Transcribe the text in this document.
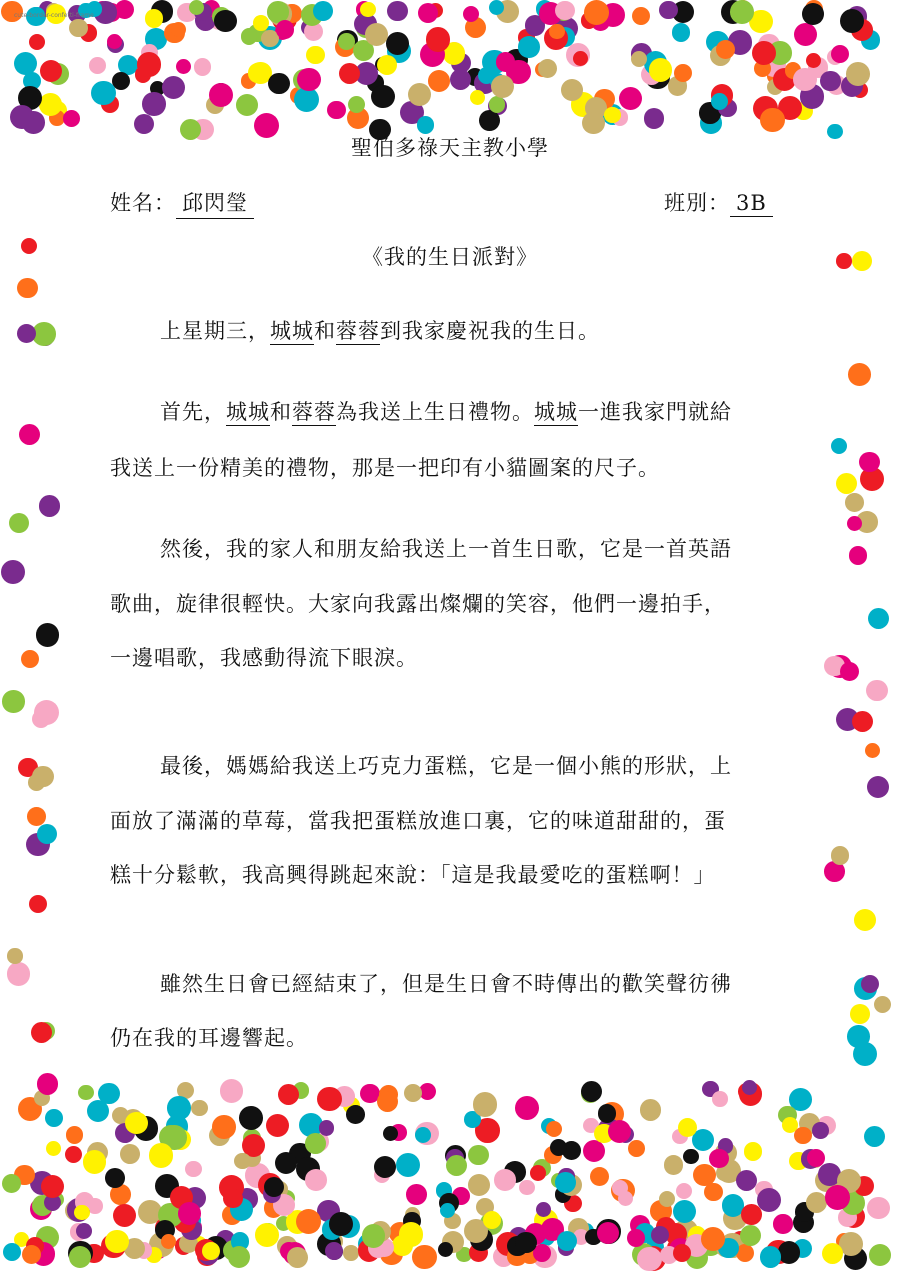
cute-border-confetti-frame
聖伯多祿天主教小學
姓名： 邱閃瑩	班別： 3B
《我的生日派對》
上星期三，城城和蓉蓉到我家慶祝我的生日。
首先，城城和蓉蓉為我送上生日禮物。城城一進我家門就給
我送上一份精美的禮物，那是一把印有小貓圖案的尺子。
然後，我的家人和朋友給我送上一首生日歌，它是一首英語
歌曲，旋律很輕快。大家向我露出燦爛的笑容，他們一邊拍手，
一邊唱歌，我感動得流下眼淚。
最後，媽媽給我送上巧克力蛋糕，它是一個小熊的形狀，上
面放了滿滿的草莓，當我把蛋糕放進口裏，它的味道甜甜的，蛋
糕十分鬆軟，我高興得跳起來說：「這是我最愛吃的蛋糕啊！」
雖然生日會已經結束了，但是生日會不時傳出的歡笑聲彷彿
仍在我的耳邊響起。
